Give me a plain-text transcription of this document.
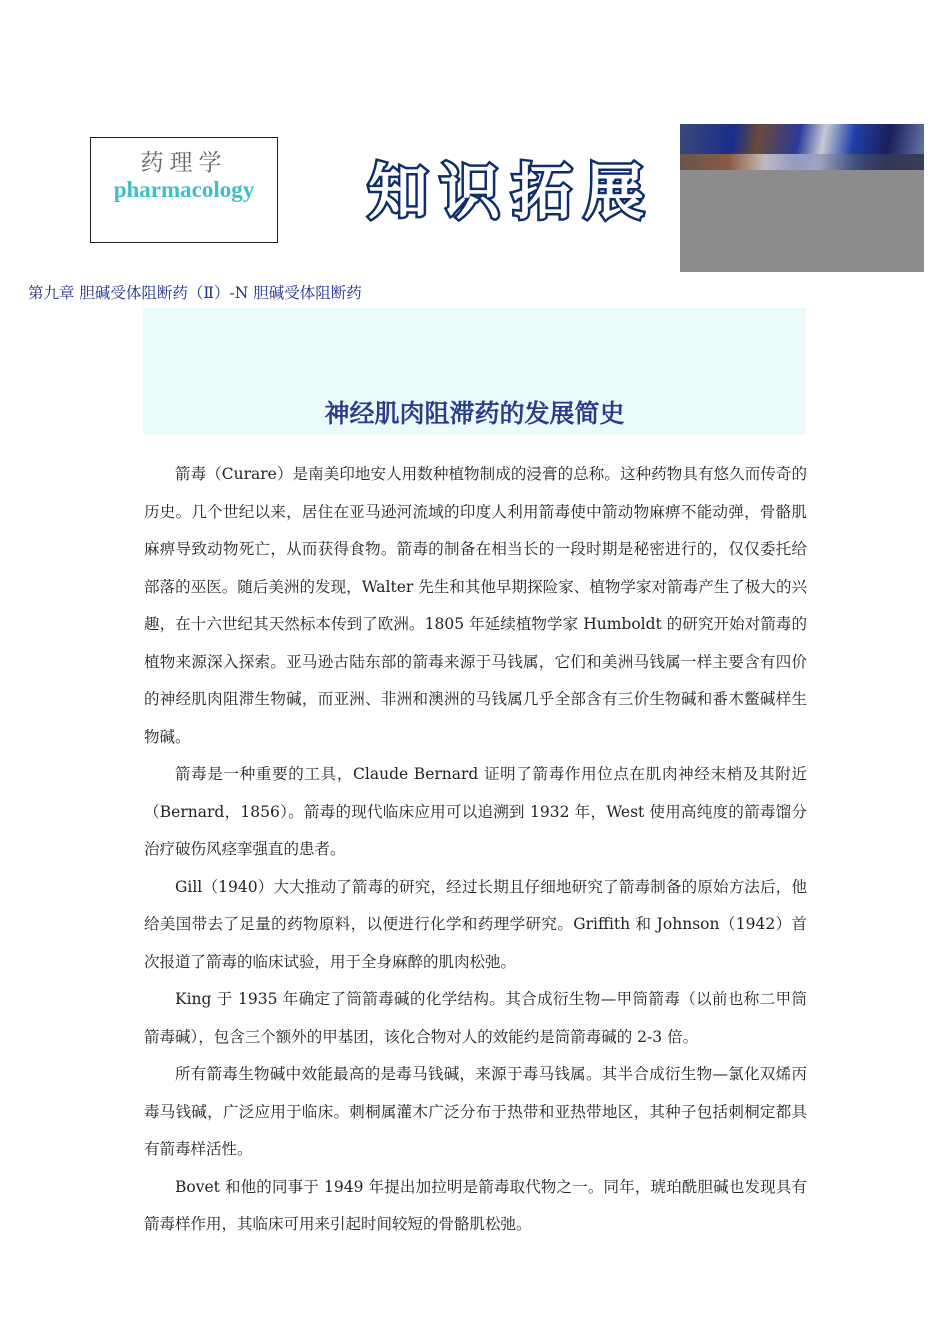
药理学
pharmacology	知识拓展
第九章 胆碱受体阻断药（Ⅱ）-N 胆碱受体阻断药
神经肌肉阻滞药的发展简史

箭毒（Curare）是南美印地安人用数种植物制成的浸膏的总称。这种药物具有悠久而传奇的历史。几个世纪以来，居住在亚马逊河流域的印度人利用箭毒使中箭动物麻痹不能动弹，骨骼肌麻痹导致动物死亡，从而获得食物。箭毒的制备在相当长的一段时期是秘密进行的，仅仅委托给部落的巫医。随后美洲的发现，Walter 先生和其他早期探险家、植物学家对箭毒产生了极大的兴趣，在十六世纪其天然标本传到了欧洲。1805 年延续植物学家 Humboldt 的研究开始对箭毒的植物来源深入探索。亚马逊古陆东部的箭毒来源于马钱属，它们和美洲马钱属一样主要含有四价的神经肌肉阻滞生物碱，而亚洲、非洲和澳洲的马钱属几乎全部含有三价生物碱和番木鳖碱样生物碱。

箭毒是一种重要的工具，Claude Bernard 证明了箭毒作用位点在肌肉神经末梢及其附近（Bernard，1856）。箭毒的现代临床应用可以追溯到 1932 年，West 使用高纯度的箭毒馏分治疗破伤风痉挛强直的患者。

Gill（1940）大大推动了箭毒的研究，经过长期且仔细地研究了箭毒制备的原始方法后，他给美国带去了足量的药物原料，以便进行化学和药理学研究。Griffith 和 Johnson（1942）首次报道了箭毒的临床试验，用于全身麻醉的肌肉松弛。

King 于 1935 年确定了筒箭毒碱的化学结构。其合成衍生物—甲筒箭毒（以前也称二甲筒箭毒碱），包含三个额外的甲基团，该化合物对人的效能约是筒箭毒碱的 2-3 倍。

所有箭毒生物碱中效能最高的是毒马钱碱，来源于毒马钱属。其半合成衍生物—氯化双烯丙毒马钱碱，广泛应用于临床。刺桐属灌木广泛分布于热带和亚热带地区，其种子包括刺桐定都具有箭毒样活性。

Bovet 和他的同事于 1949 年提出加拉明是箭毒取代物之一。同年，琥珀酰胆碱也发现具有箭毒样作用，其临床可用来引起时间较短的骨骼肌松弛。
